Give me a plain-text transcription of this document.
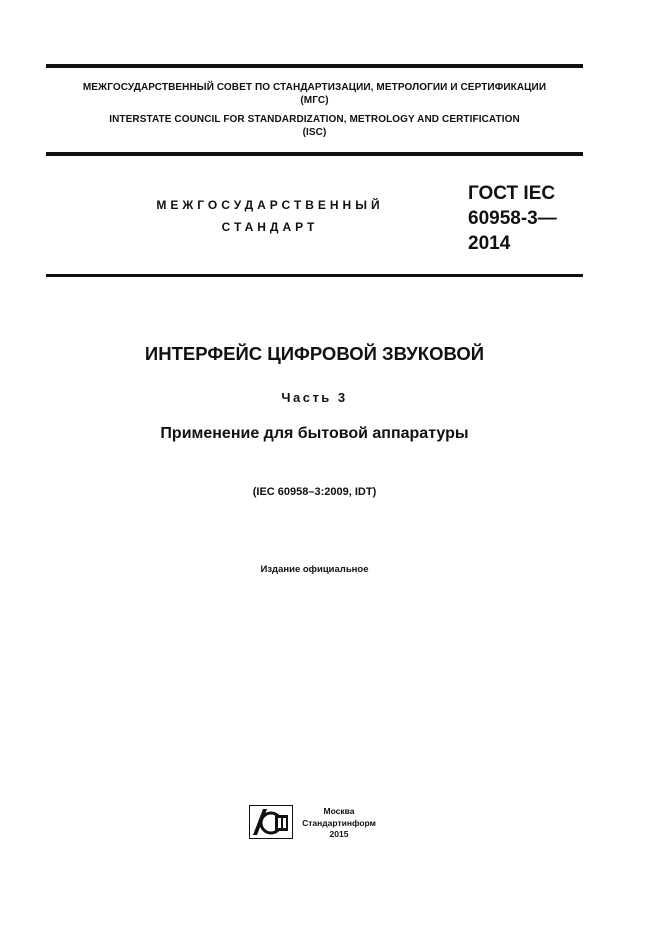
МЕЖГОСУДАРСТВЕННЫЙ СОВЕТ ПО СТАНДАРТИЗАЦИИ, МЕТРОЛОГИИ И СЕРТИФИКАЦИИ
(МГС)
INTERSTATE COUNCIL FOR STANDARDIZATION, METROLOGY AND CERTIFICATION
(ISC)
МЕЖГОСУДАРСТВЕННЫЙ
СТАНДАРТ
ГОСТ IEC
60958-3—
2014
ИНТЕРФЕЙС ЦИФРОВОЙ ЗВУКОВОЙ
Часть 3
Применение для бытовой аппаратуры
(IEC 60958–3:2009, IDT)
Издание официальное
Москва
Стандартинформ
2015
